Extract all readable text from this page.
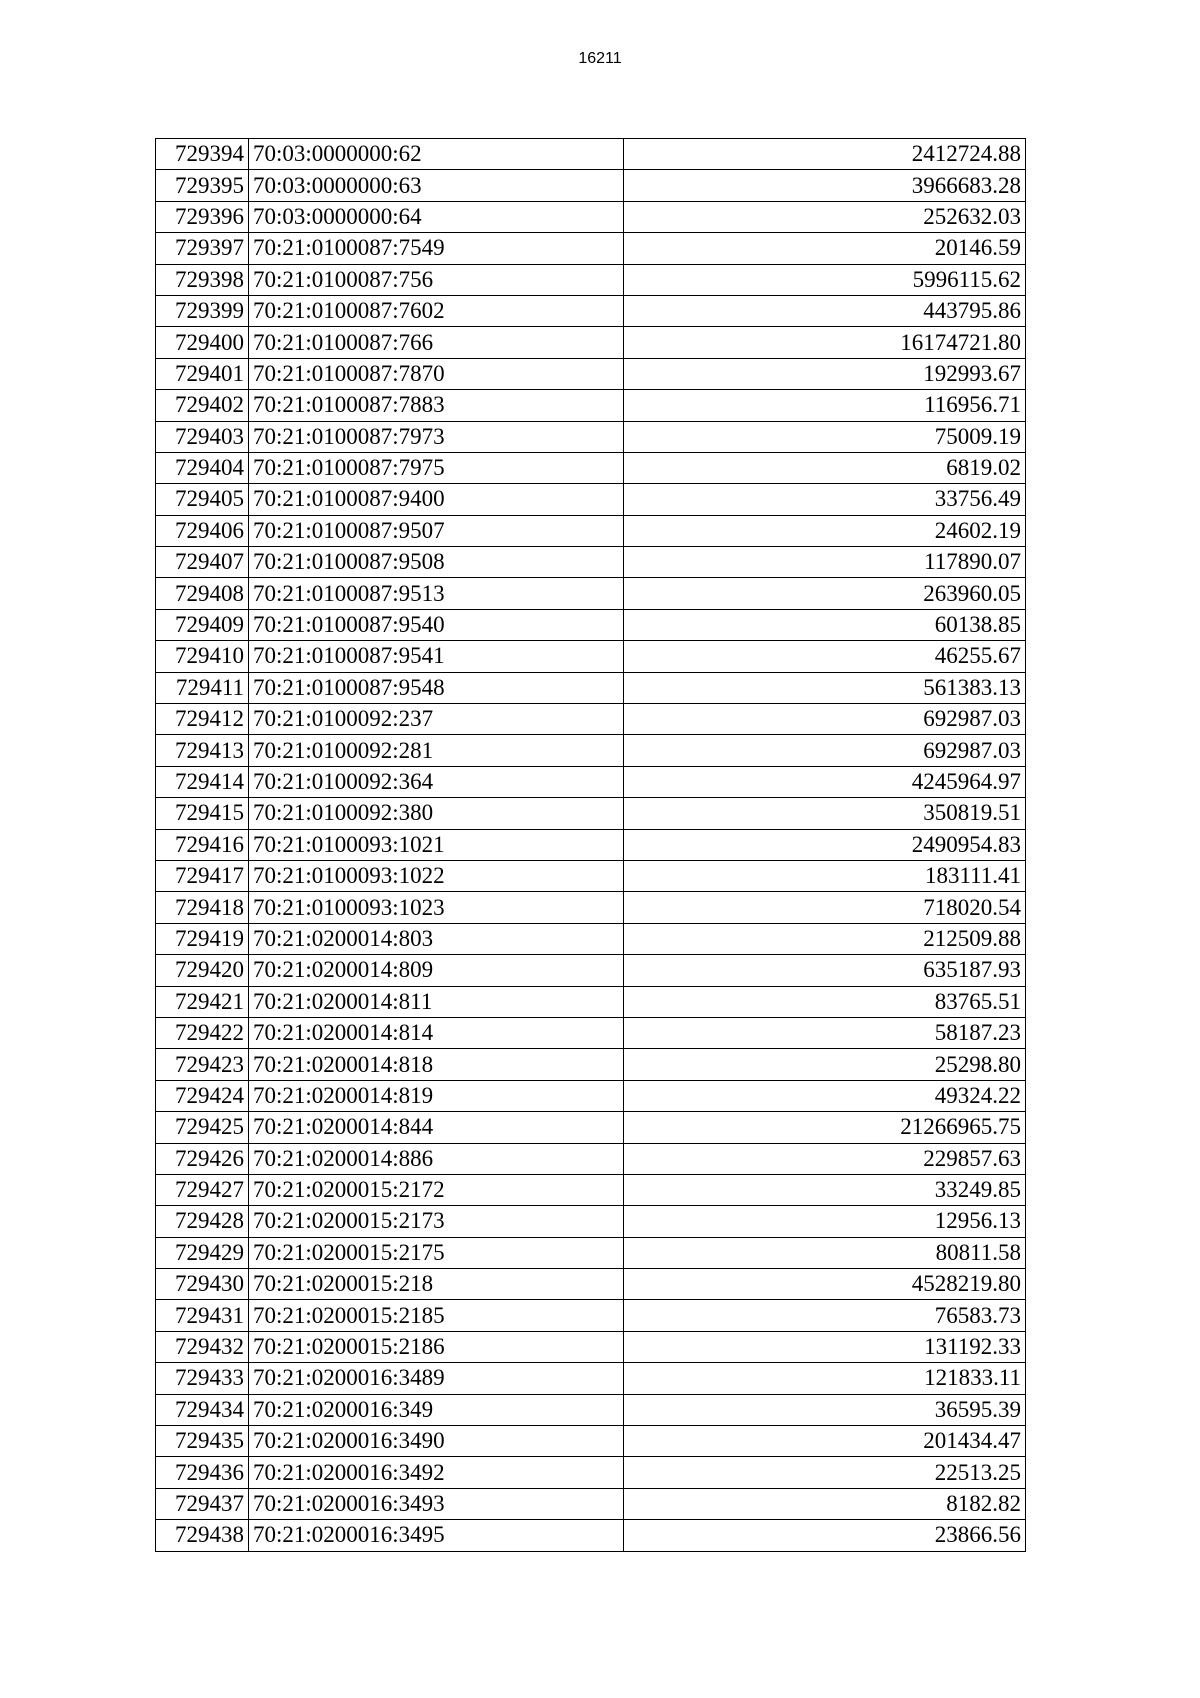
16211
729394	70:03:0000000:62	2412724.88
729395	70:03:0000000:63	3966683.28
729396	70:03:0000000:64	252632.03
729397	70:21:0100087:7549	20146.59
729398	70:21:0100087:756	5996115.62
729399	70:21:0100087:7602	443795.86
729400	70:21:0100087:766	16174721.80
729401	70:21:0100087:7870	192993.67
729402	70:21:0100087:7883	116956.71
729403	70:21:0100087:7973	75009.19
729404	70:21:0100087:7975	6819.02
729405	70:21:0100087:9400	33756.49
729406	70:21:0100087:9507	24602.19
729407	70:21:0100087:9508	117890.07
729408	70:21:0100087:9513	263960.05
729409	70:21:0100087:9540	60138.85
729410	70:21:0100087:9541	46255.67
729411	70:21:0100087:9548	561383.13
729412	70:21:0100092:237	692987.03
729413	70:21:0100092:281	692987.03
729414	70:21:0100092:364	4245964.97
729415	70:21:0100092:380	350819.51
729416	70:21:0100093:1021	2490954.83
729417	70:21:0100093:1022	183111.41
729418	70:21:0100093:1023	718020.54
729419	70:21:0200014:803	212509.88
729420	70:21:0200014:809	635187.93
729421	70:21:0200014:811	83765.51
729422	70:21:0200014:814	58187.23
729423	70:21:0200014:818	25298.80
729424	70:21:0200014:819	49324.22
729425	70:21:0200014:844	21266965.75
729426	70:21:0200014:886	229857.63
729427	70:21:0200015:2172	33249.85
729428	70:21:0200015:2173	12956.13
729429	70:21:0200015:2175	80811.58
729430	70:21:0200015:218	4528219.80
729431	70:21:0200015:2185	76583.73
729432	70:21:0200015:2186	131192.33
729433	70:21:0200016:3489	121833.11
729434	70:21:0200016:349	36595.39
729435	70:21:0200016:3490	201434.47
729436	70:21:0200016:3492	22513.25
729437	70:21:0200016:3493	8182.82
729438	70:21:0200016:3495	23866.56
